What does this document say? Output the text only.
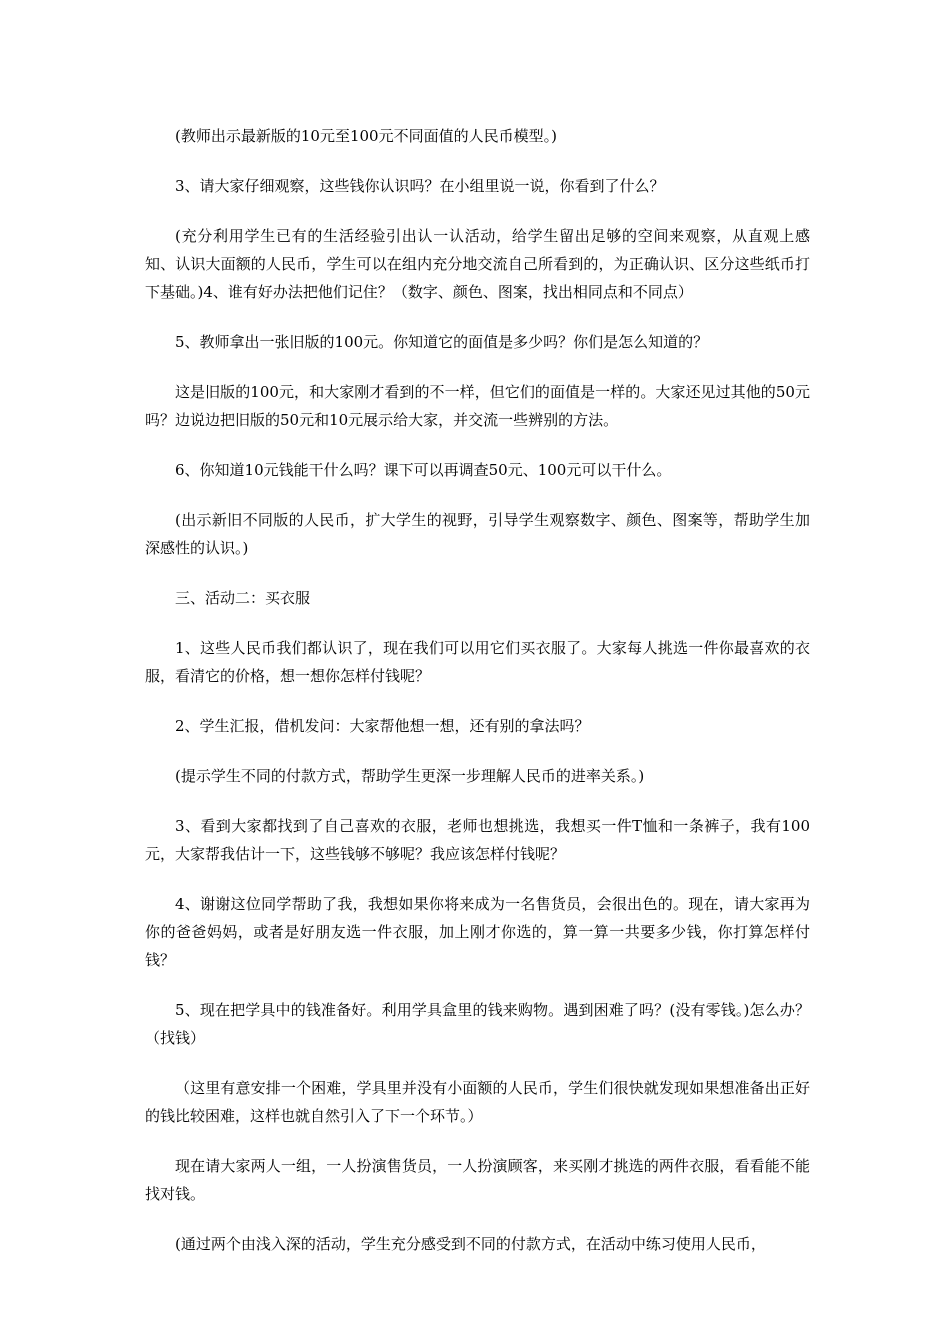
(教师出示最新版的10元至100元不同面值的人民币模型。)

3、请大家仔细观察，这些钱你认识吗？在小组里说一说，你看到了什么？

(充分利用学生已有的生活经验引出认一认活动，给学生留出足够的空间来观察，从直观上感知、认识大面额的人民币，学生可以在组内充分地交流自己所看到的，为正确认识、区分这些纸币打下基础。)4、谁有好办法把他们记住？（数字、颜色、图案，找出相同点和不同点）

5、教师拿出一张旧版的100元。你知道它的面值是多少吗？你们是怎么知道的？

这是旧版的100元，和大家刚才看到的不一样，但它们的面值是一样的。大家还见过其他的50元吗？边说边把旧版的50元和10元展示给大家，并交流一些辨别的方法。

6、你知道10元钱能干什么吗？课下可以再调查50元、100元可以干什么。

(出示新旧不同版的人民币，扩大学生的视野，引导学生观察数字、颜色、图案等，帮助学生加深感性的认识。)

三、活动二：买衣服

1、这些人民币我们都认识了，现在我们可以用它们买衣服了。大家每人挑选一件你最喜欢的衣服，看清它的价格，想一想你怎样付钱呢？

2、学生汇报，借机发问：大家帮他想一想，还有别的拿法吗？

(提示学生不同的付款方式，帮助学生更深一步理解人民币的进率关系。)

3、看到大家都找到了自己喜欢的衣服，老师也想挑选，我想买一件T恤和一条裤子，我有100元，大家帮我估计一下，这些钱够不够呢？我应该怎样付钱呢？

4、谢谢这位同学帮助了我，我想如果你将来成为一名售货员，会很出色的。现在，请大家再为你的爸爸妈妈，或者是好朋友选一件衣服，加上刚才你选的，算一算一共要多少钱，你打算怎样付钱？

5、现在把学具中的钱准备好。利用学具盒里的钱来购物。遇到困难了吗？(没有零钱。)怎么办？（找钱）

（这里有意安排一个困难，学具里并没有小面额的人民币，学生们很快就发现如果想准备出正好的钱比较困难，这样也就自然引入了下一个环节。）

现在请大家两人一组，一人扮演售货员，一人扮演顾客，来买刚才挑选的两件衣服，看看能不能找对钱。

(通过两个由浅入深的活动，学生充分感受到不同的付款方式，在活动中练习使用人民币，
